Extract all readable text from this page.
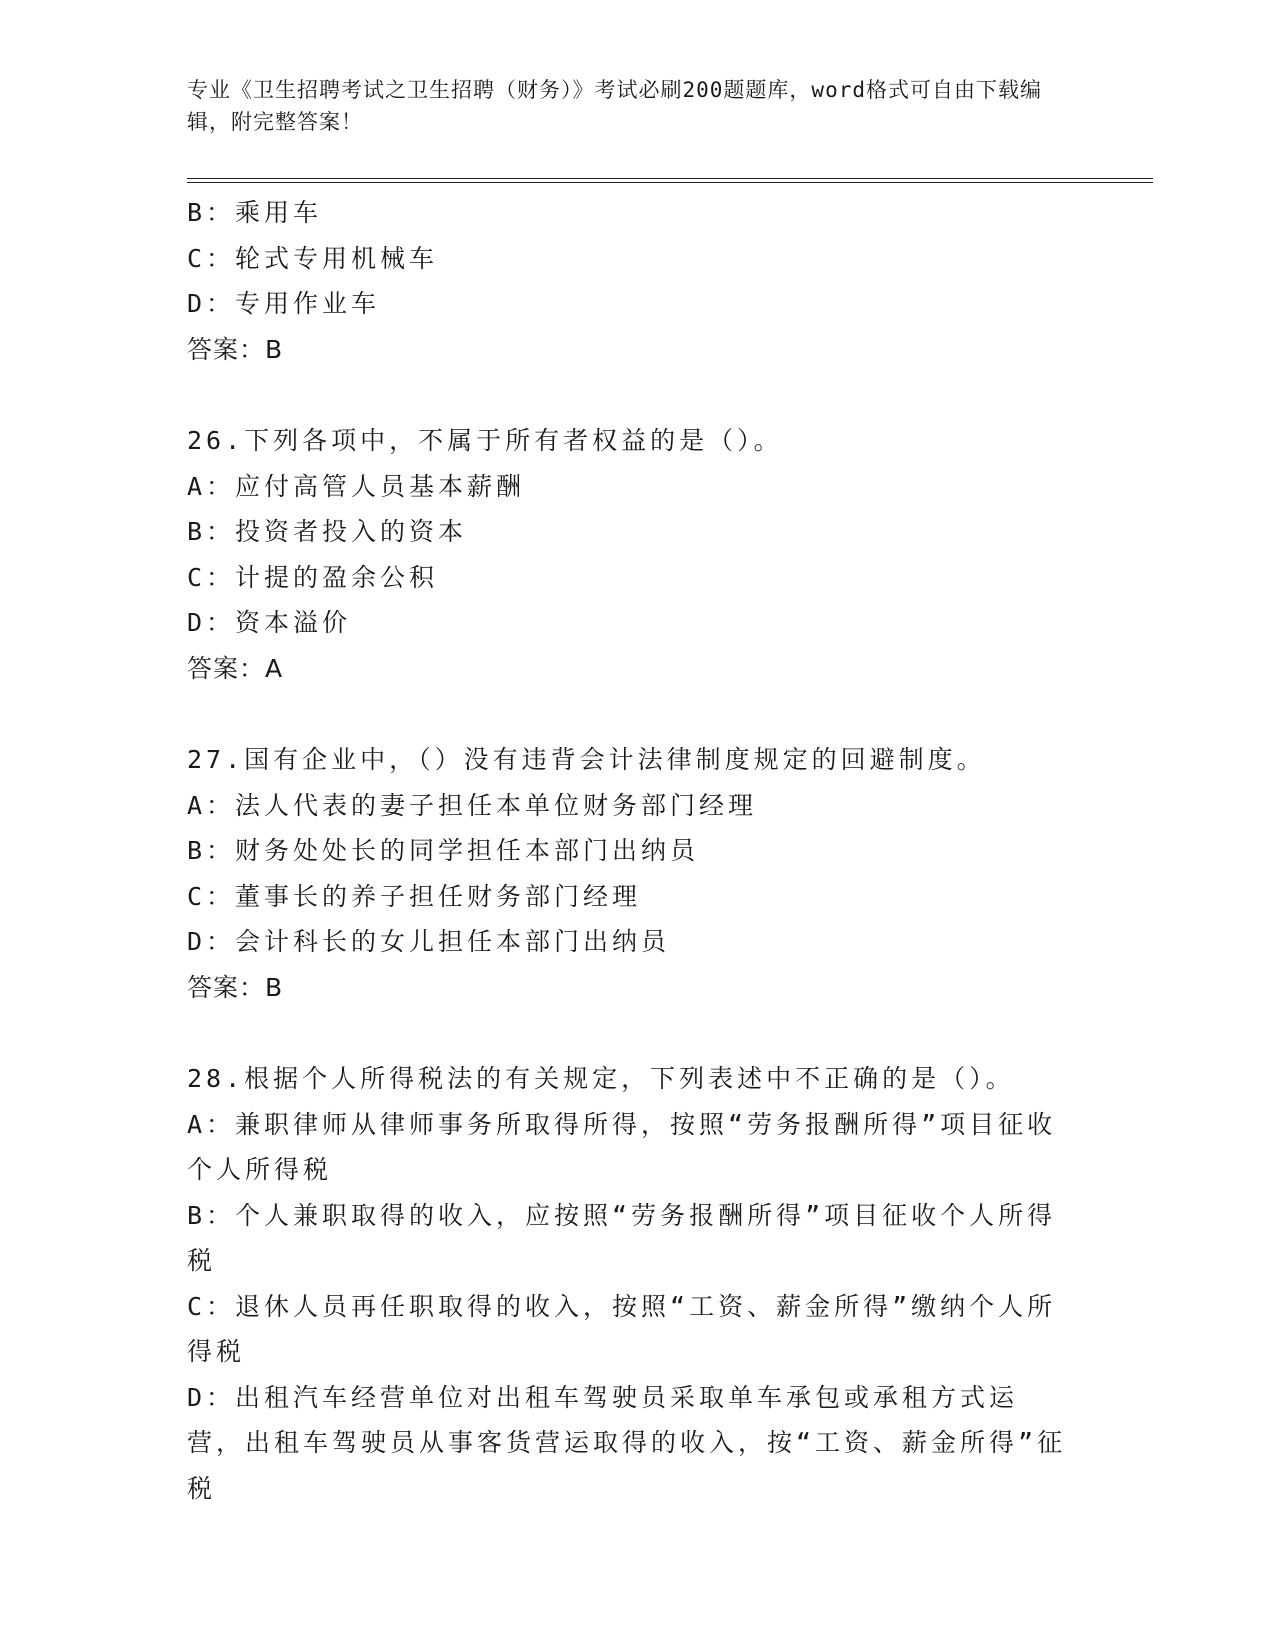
专业《卫生招聘考试之卫生招聘（财务）》考试必刷200题题库，word格式可自由下载编辑，附完整答案！
B：乘用车
C：轮式专用机械车
D：专用作业车
答案：B
26.下列各项中，不属于所有者权益的是（）。
A：应付高管人员基本薪酬
B：投资者投入的资本
C：计提的盈余公积
D：资本溢价
答案：A
27.国有企业中，（）没有违背会计法律制度规定的回避制度。
A：法人代表的妻子担任本单位财务部门经理
B：财务处处长的同学担任本部门出纳员
C：董事长的养子担任财务部门经理
D：会计科长的女儿担任本部门出纳员
答案：B
28.根据个人所得税法的有关规定，下列表述中不正确的是（）。
A：兼职律师从律师事务所取得所得，按照“劳务报酬所得”项目征收个人所得税
B：个人兼职取得的收入，应按照“劳务报酬所得”项目征收个人所得税
C：退休人员再任职取得的收入，按照“工资、薪金所得”缴纳个人所得税
D：出租汽车经营单位对出租车驾驶员采取单车承包或承租方式运营，出租车驾驶员从事客货营运取得的收入，按“工资、薪金所得”征税
